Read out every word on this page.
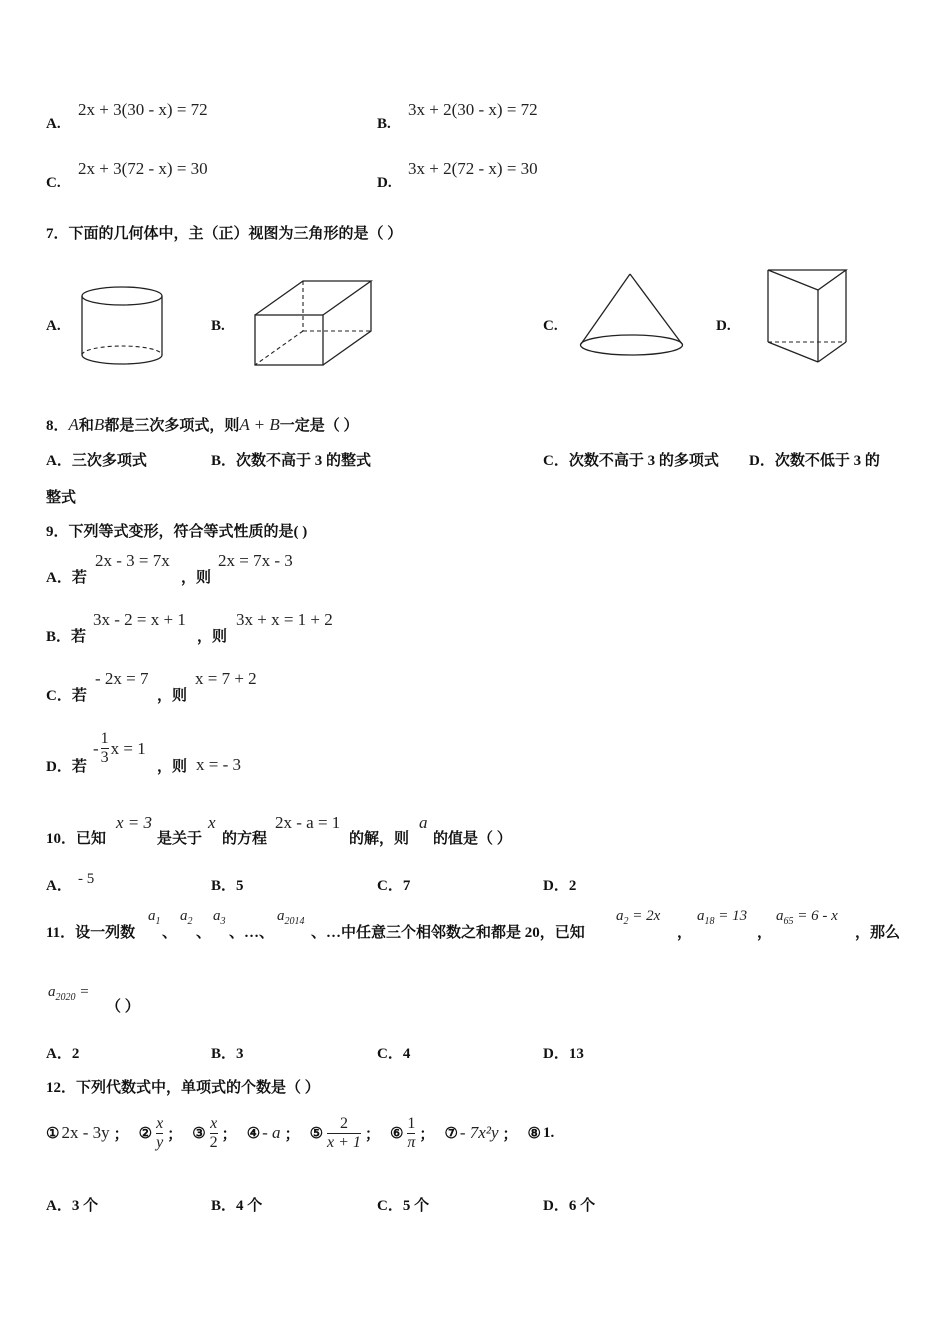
A.
2x + 3(30 - x) = 72
B.
3x + 2(30 - x) = 72
C.
2x + 3(72 - x) = 30
D.
3x + 2(72 - x) = 30
7．下面的几何体中，主（正）视图为三角形的是（ ）
A.	B.	C.	D.
8．A和B都是三次多项式，则A + B一定是（ ）
A．三次多项式	B．次数不高于 3 的整式	C．次数不高于 3 的多项式 D．次数不低于 3 的
整式
9．下列等式变形，符合等式性质的是( )
A．若
2x - 3 = 7x
，则
2x = 7x - 3
B．若
3x - 2 = x + 1
，则
3x + x = 1 + 2
C．若
- 2x = 7
，则
x = 7 + 2
D．若
- $\frac{1}{3}$ x = 1
，则 x = - 3
10．已知
x = 3
是关于
x
的方程
2x - a = 1
的解，则
a
的值是（ ）
A． - 5	B．5	C．7	D．2
11．设一列数
$a_1$
、
$a_2$
、
$a_3$
、…、
$a_{2014}$
、…中任意三个相邻数之和都是 20，已知
$a_2 = 2x$
，
$a_{18} = 13$
，
$a_{65} = 6 - x$
，那么
$a_{2020}$ =
（ ）
A．2	B．3	C．4	D．13
12．下列代数式中，单项式的个数是（ ）
① 2x - 3y ； ② $\frac{x}{y}$ ； ③ $\frac{x}{2}$ ； ④ - a ； ⑤ $\frac{2}{x + 1}$ ； ⑥ $\frac{1}{\pi}$ ； ⑦ - 7x²y ； ⑧ 1.
A．3 个	B．4 个	C．5 个	D．6 个
